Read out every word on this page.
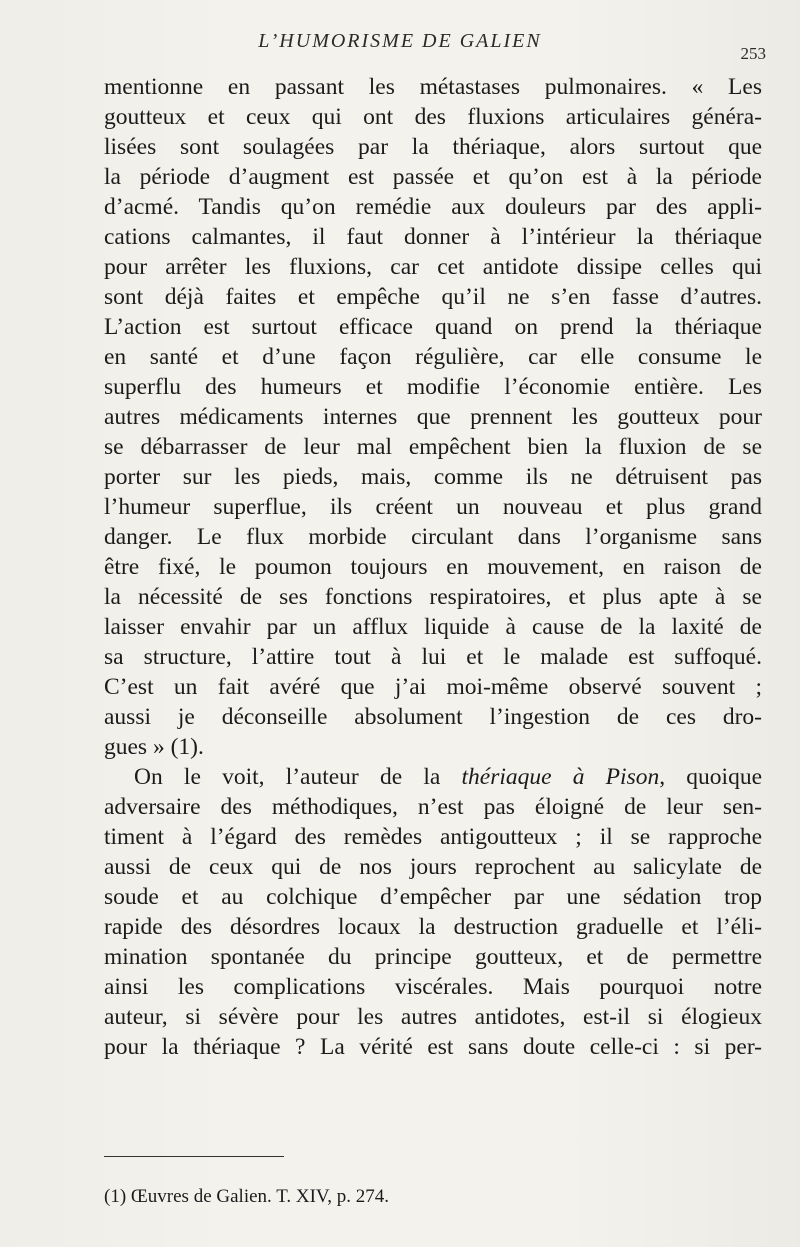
L’HUMORISME DE GALIEN
253
mentionne en passant les métastases pulmonaires. « Les
goutteux et ceux qui ont des fluxions articulaires généra-
lisées sont soulagées par la thériaque, alors surtout que
la période d’augment est passée et qu’on est à la période
d’acmé. Tandis qu’on remédie aux douleurs par des appli-
cations calmantes, il faut donner à l’intérieur la thériaque
pour arrêter les fluxions, car cet antidote dissipe celles qui
sont déjà faites et empêche qu’il ne s’en fasse d’autres.
L’action est surtout efficace quand on prend la thériaque
en santé et d’une façon régulière, car elle consume le
superflu des humeurs et modifie l’économie entière. Les
autres médicaments internes que prennent les goutteux pour
se débarrasser de leur mal empêchent bien la fluxion de se
porter sur les pieds, mais, comme ils ne détruisent pas
l’humeur superflue, ils créent un nouveau et plus grand
danger. Le flux morbide circulant dans l’organisme sans
être fixé, le poumon toujours en mouvement, en raison de
la nécessité de ses fonctions respiratoires, et plus apte à se
laisser envahir par un afflux liquide à cause de la laxité de
sa structure, l’attire tout à lui et le malade est suffoqué.
C’est un fait avéré que j’ai moi-même observé souvent ;
aussi je déconseille absolument l’ingestion de ces dro-
gues » (1).
On le voit, l’auteur de la thériaque à Pison, quoique
adversaire des méthodiques, n’est pas éloigné de leur sen-
timent à l’égard des remèdes antigoutteux ; il se rapproche
aussi de ceux qui de nos jours reprochent au salicylate de
soude et au colchique d’empêcher par une sédation trop
rapide des désordres locaux la destruction graduelle et l’éli-
mination spontanée du principe goutteux, et de permettre
ainsi les complications viscérales. Mais pourquoi notre
auteur, si sévère pour les autres antidotes, est-il si élogieux
pour la thériaque ? La vérité est sans doute celle-ci : si per-
(1) Œuvres de Galien. T. XIV, p. 274.
